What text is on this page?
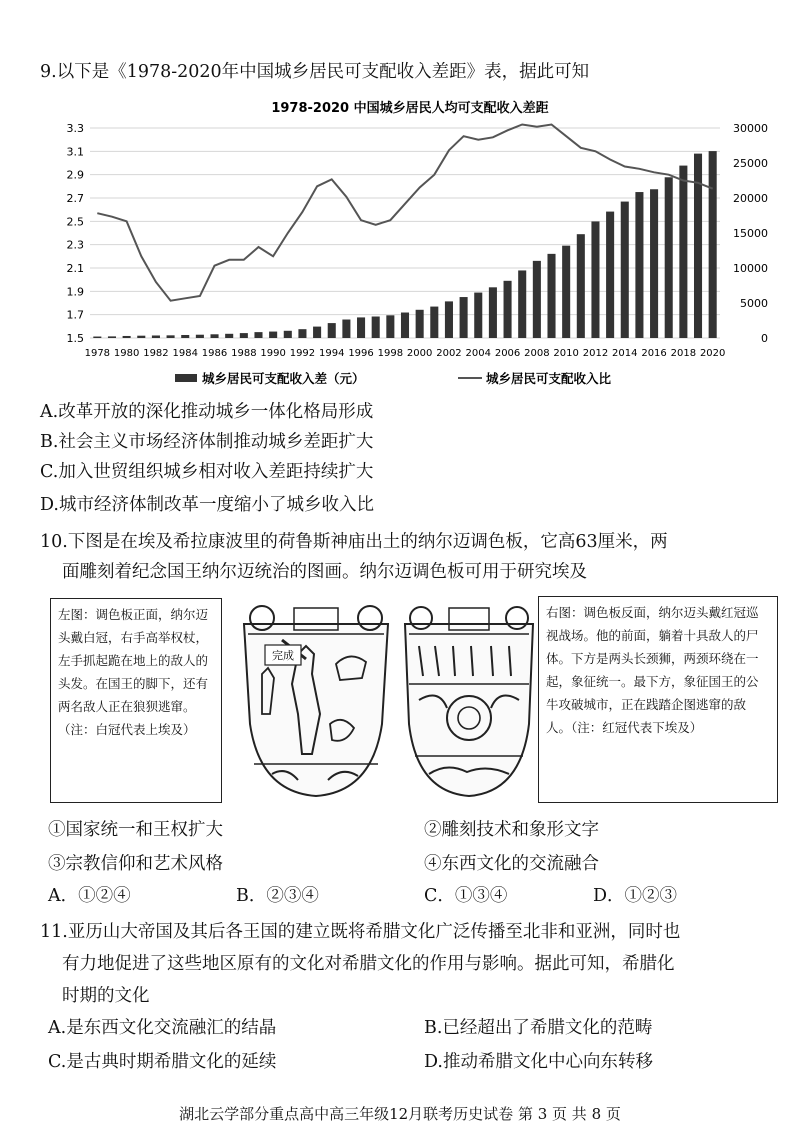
9.以下是《1978-2020年中国城乡居民可支配收入差距》表，据此可知
1978-2020 中国城乡居民人均可支配收入差距
1.5
1.7
1.9
2.1
2.3
2.5
2.7
2.9
3.1
3.3
0
5000
10000
15000
20000
25000
30000
1978 1980 1982 1984 1986 1988 1990 1992 1994 1996 1998 2000 2002 2004 2006 2008 2010 2012 2014 2016 2018 2020
城乡居民可支配收入差（元）	城乡居民可支配收入比
A.改革开放的深化推动城乡一体化格局形成
B.社会主义市场经济体制推动城乡差距扩大
C.加入世贸组织城乡相对收入差距持续扩大
D.城市经济体制改革一度缩小了城乡收入比
10.下图是在埃及希拉康波里的荷鲁斯神庙出土的纳尔迈调色板，它高63厘米，两
面雕刻着纪念国王纳尔迈统治的图画。纳尔迈调色板可用于研究埃及
左图：调色板正面，纳尔迈头戴白冠，右手高举权杖，左手抓起跪在地上的敌人的头发。在国王的脚下，还有两名敌人正在狼狈逃窜。（注：白冠代表上埃及）
完成
右图：调色板反面，纳尔迈头戴红冠巡视战场。他的前面，躺着十具敌人的尸体。下方是两头长颈狮，两颈环绕在一起，象征统一。最下方，象征国王的公牛攻破城市，正在践踏企图逃窜的敌人。（注：红冠代表下埃及）
①国家统一和王权扩大	②雕刻技术和象形文字
③宗教信仰和艺术风格	④东西文化的交流融合
A．①②④	B．②③④	C．①③④	D．①②③
11.亚历山大帝国及其后各王国的建立既将希腊文化广泛传播至北非和亚洲，同时也
有力地促进了这些地区原有的文化对希腊文化的作用与影响。据此可知，希腊化
时期的文化
A.是东西文化交流融汇的结晶	B.已经超出了希腊文化的范畴
C.是古典时期希腊文化的延续	D.推动希腊文化中心向东转移
湖北云学部分重点高中高三年级12月联考历史试卷 第 3 页 共 8 页
